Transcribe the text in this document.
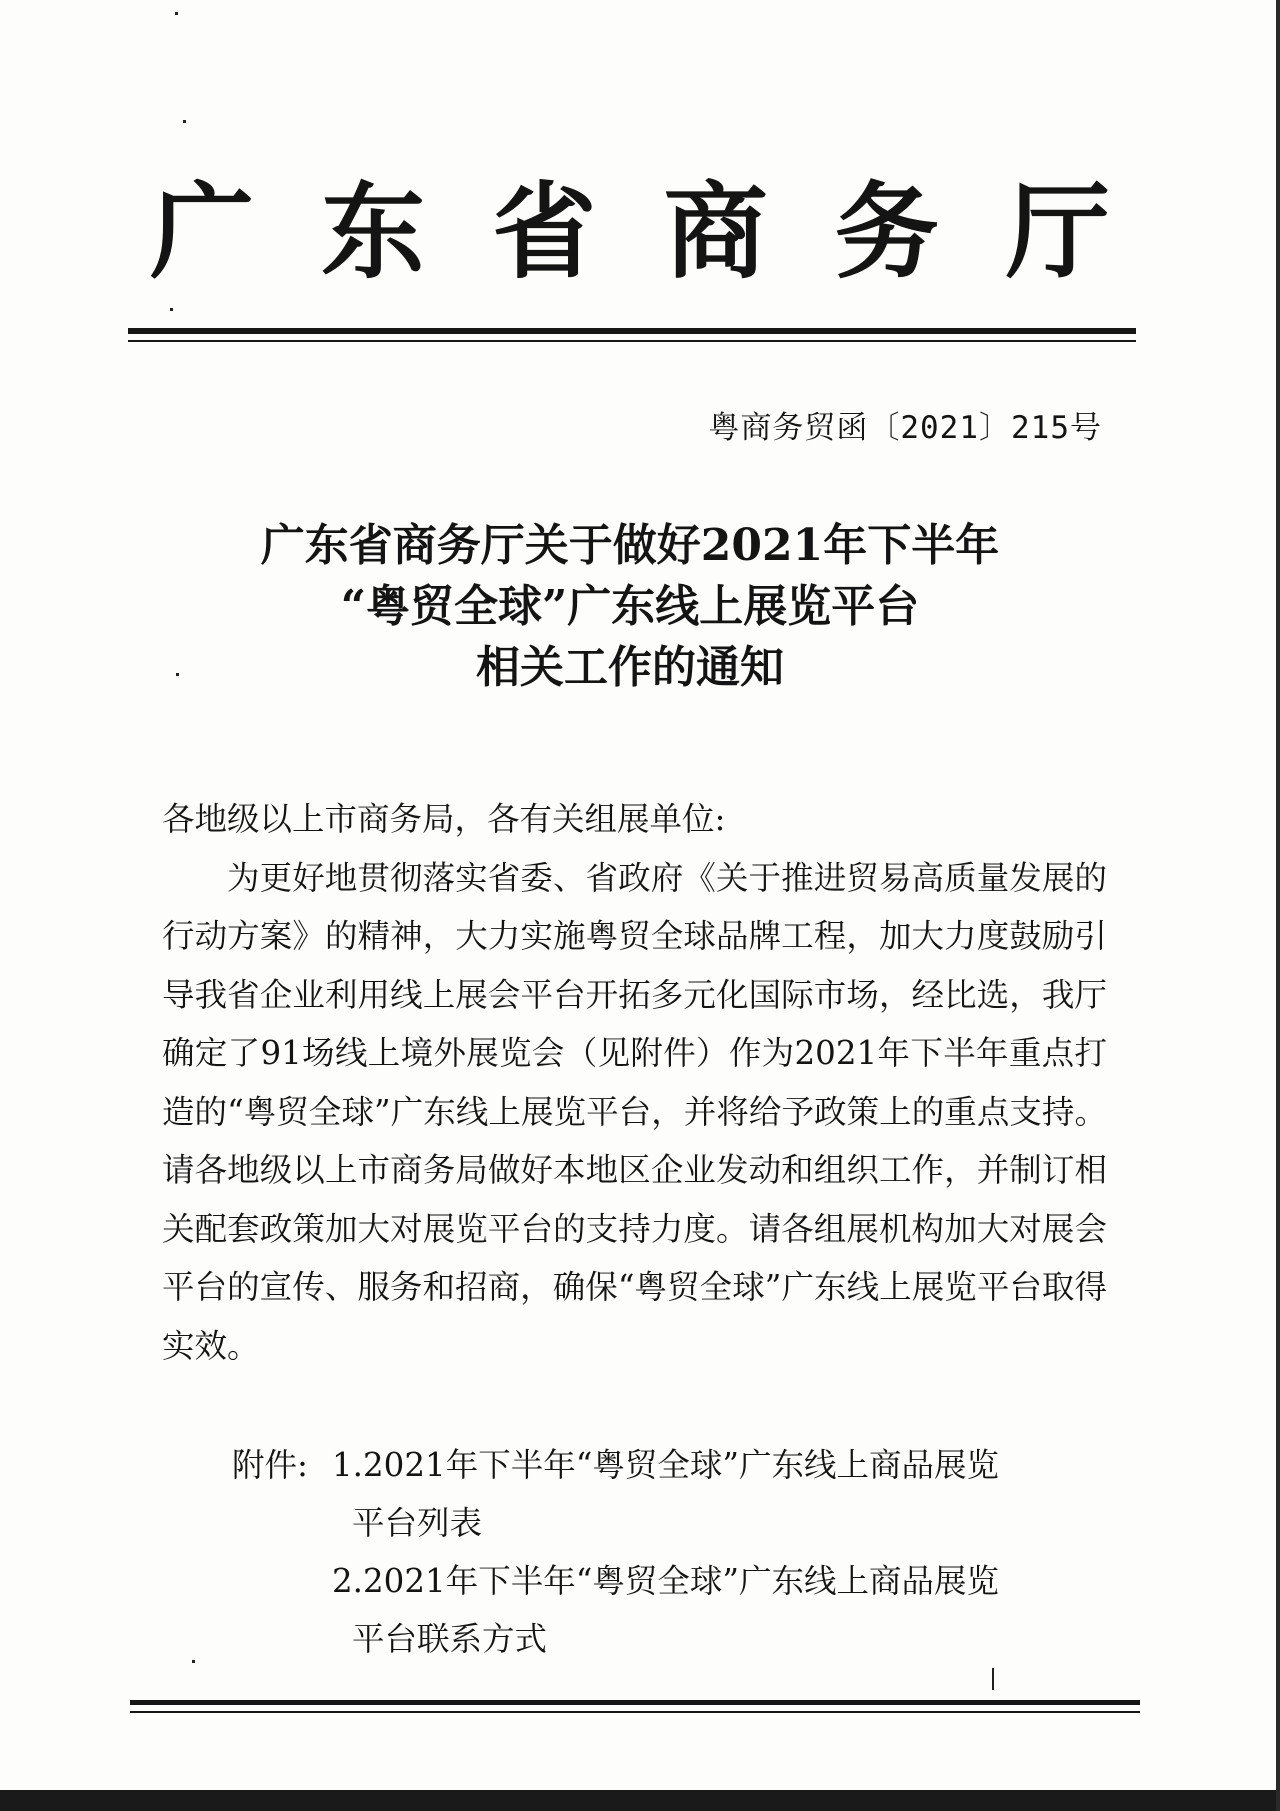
广 东 省 商 务 厅
粤商务贸函〔2021〕215号
广东省商务厅关于做好2021年下半年
“粤贸全球”广东线上展览平台
相关工作的通知

各地级以上市商务局，各有关组展单位:

为更好地贯彻落实省委、省政府《关于推进贸易高质量发展的行动方案》的精神，大力实施粤贸全球品牌工程，加大力度鼓励引导我省企业利用线上展会平台开拓多元化国际市场，经比选，我厅确定了91场线上境外展览会（见附件）作为2021年下半年重点打造的“粤贸全球”广东线上展览平台，并将给予政策上的重点支持。请各地级以上市商务局做好本地区企业发动和组织工作，并制订相关配套政策加大对展览平台的支持力度。请各组展机构加大对展会平台的宣传、服务和招商，确保“粤贸全球”广东线上展览平台取得实效。

附件: 1.2021年下半年“粤贸全球”广东线上商品展览
平台列表
2.2021年下半年“粤贸全球”广东线上商品展览
平台联系方式
